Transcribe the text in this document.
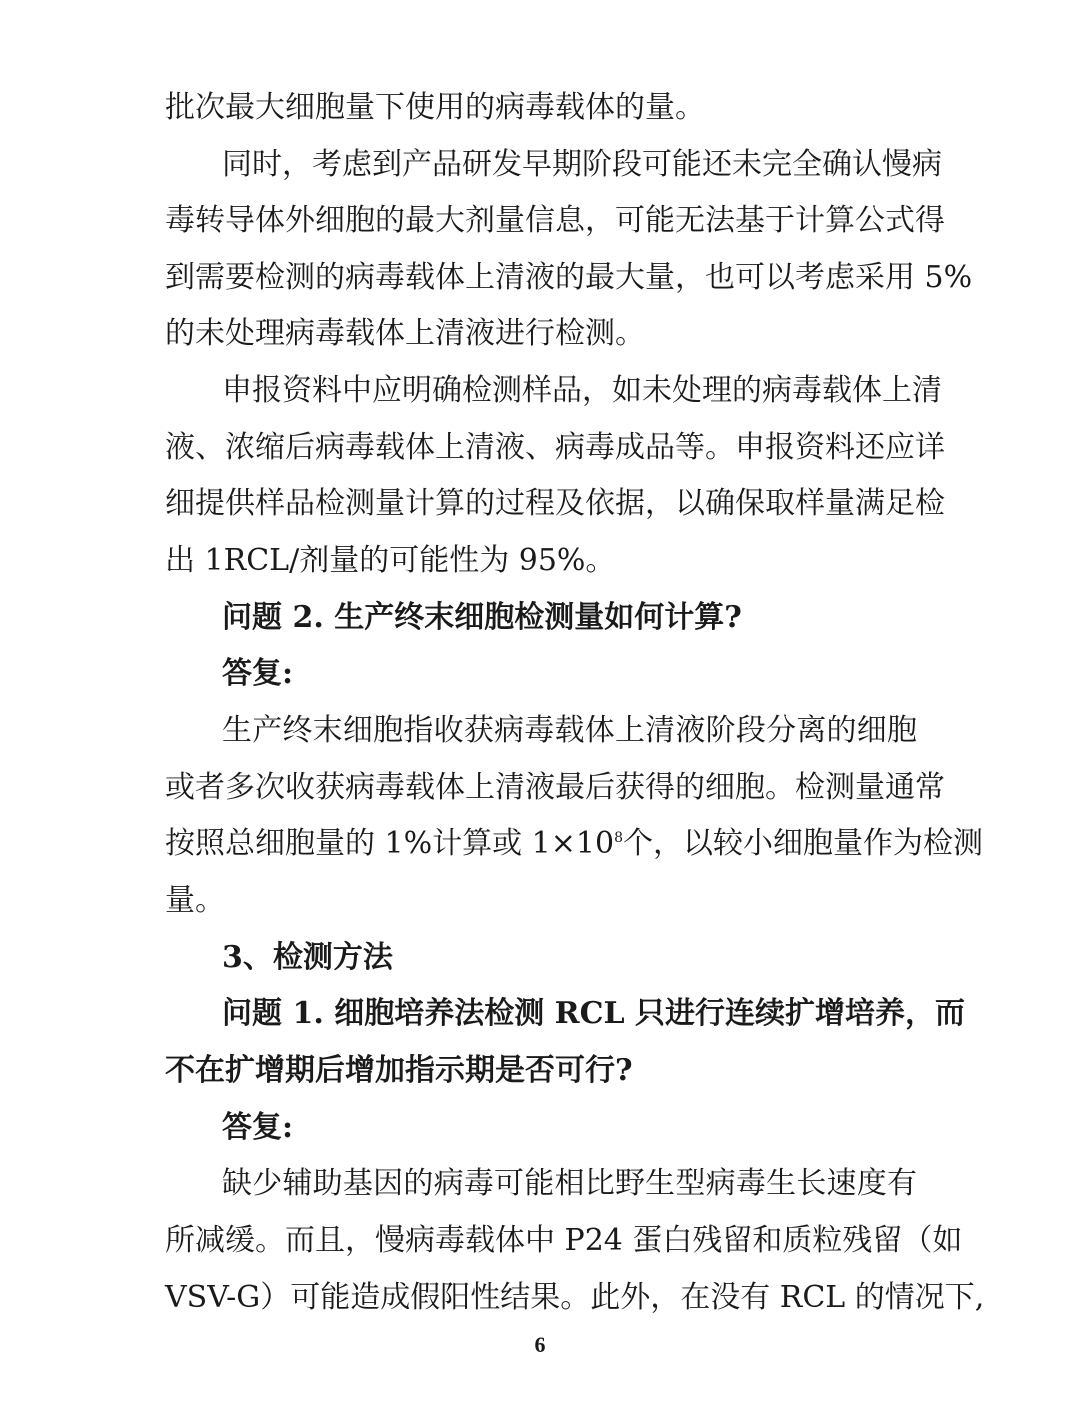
批次最大细胞量下使用的病毒载体的量。
同时，考虑到产品研发早期阶段可能还未完全确认慢病
毒转导体外细胞的最大剂量信息，可能无法基于计算公式得
到需要检测的病毒载体上清液的最大量，也可以考虑采用 5%
的未处理病毒载体上清液进行检测。
申报资料中应明确检测样品，如未处理的病毒载体上清
液、浓缩后病毒载体上清液、病毒成品等。申报资料还应详
细提供样品检测量计算的过程及依据，以确保取样量满足检
出 1RCL/剂量的可能性为 95%。
问题 2. 生产终末细胞检测量如何计算?
答复:
生产终末细胞指收获病毒载体上清液阶段分离的细胞
或者多次收获病毒载体上清液最后获得的细胞。检测量通常
按照总细胞量的 1%计算或 $1\times 10^8$个，以较小细胞量作为检测
量。
3、检测方法
问题 1. 细胞培养法检测 RCL 只进行连续扩增培养，而
不在扩增期后增加指示期是否可行?
答复:
缺少辅助基因的病毒可能相比野生型病毒生长速度有
所减缓。而且，慢病毒载体中 P24 蛋白残留和质粒残留（如
VSV-G）可能造成假阳性结果。此外，在没有 RCL 的情况下,
6
